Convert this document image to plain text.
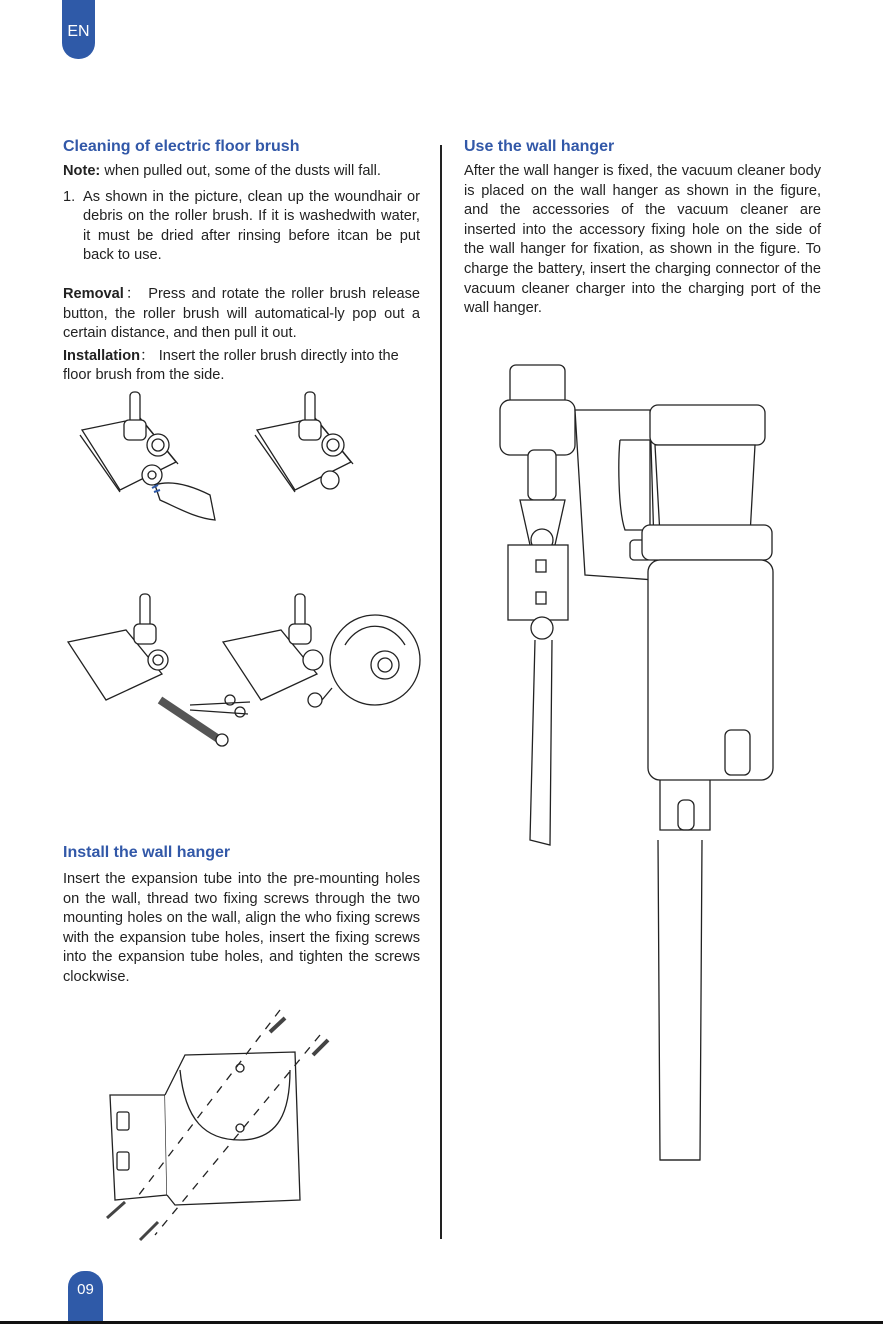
EN
Cleaning of electric floor brush

Note: when pulled out, some of the dusts will fall.

1. As shown in the picture, clean up the woundhair or debris on the roller brush. If it is washedwith water, it must be dried after rinsing before itcan be put back to use.

Removal： Press and rotate the roller brush release button, the roller brush will automatical-ly pop out a certain distance, and then pull it out.

Installation： Insert the roller brush directly into the floor brush from the side.

Install the wall hanger

Insert the expansion tube into the pre-mounting holes on the wall, thread two fixing screws through the two mounting holes on the wall, align the who fixing screws with the expansion tube holes, insert the fixing screws into the expansion tube holes, and tighten the screws clockwise.

Use the wall hanger

After the wall hanger is fixed, the vacuum cleaner body is placed on the wall hanger as shown in the figure, and the accessories of the vacuum cleaner are inserted into the accessory fixing hole on the side of the wall hanger for fixation, as shown in the figure. To charge the battery, insert the charging connector of the vacuum cleaner charger into the charging port of the wall hanger.

09
